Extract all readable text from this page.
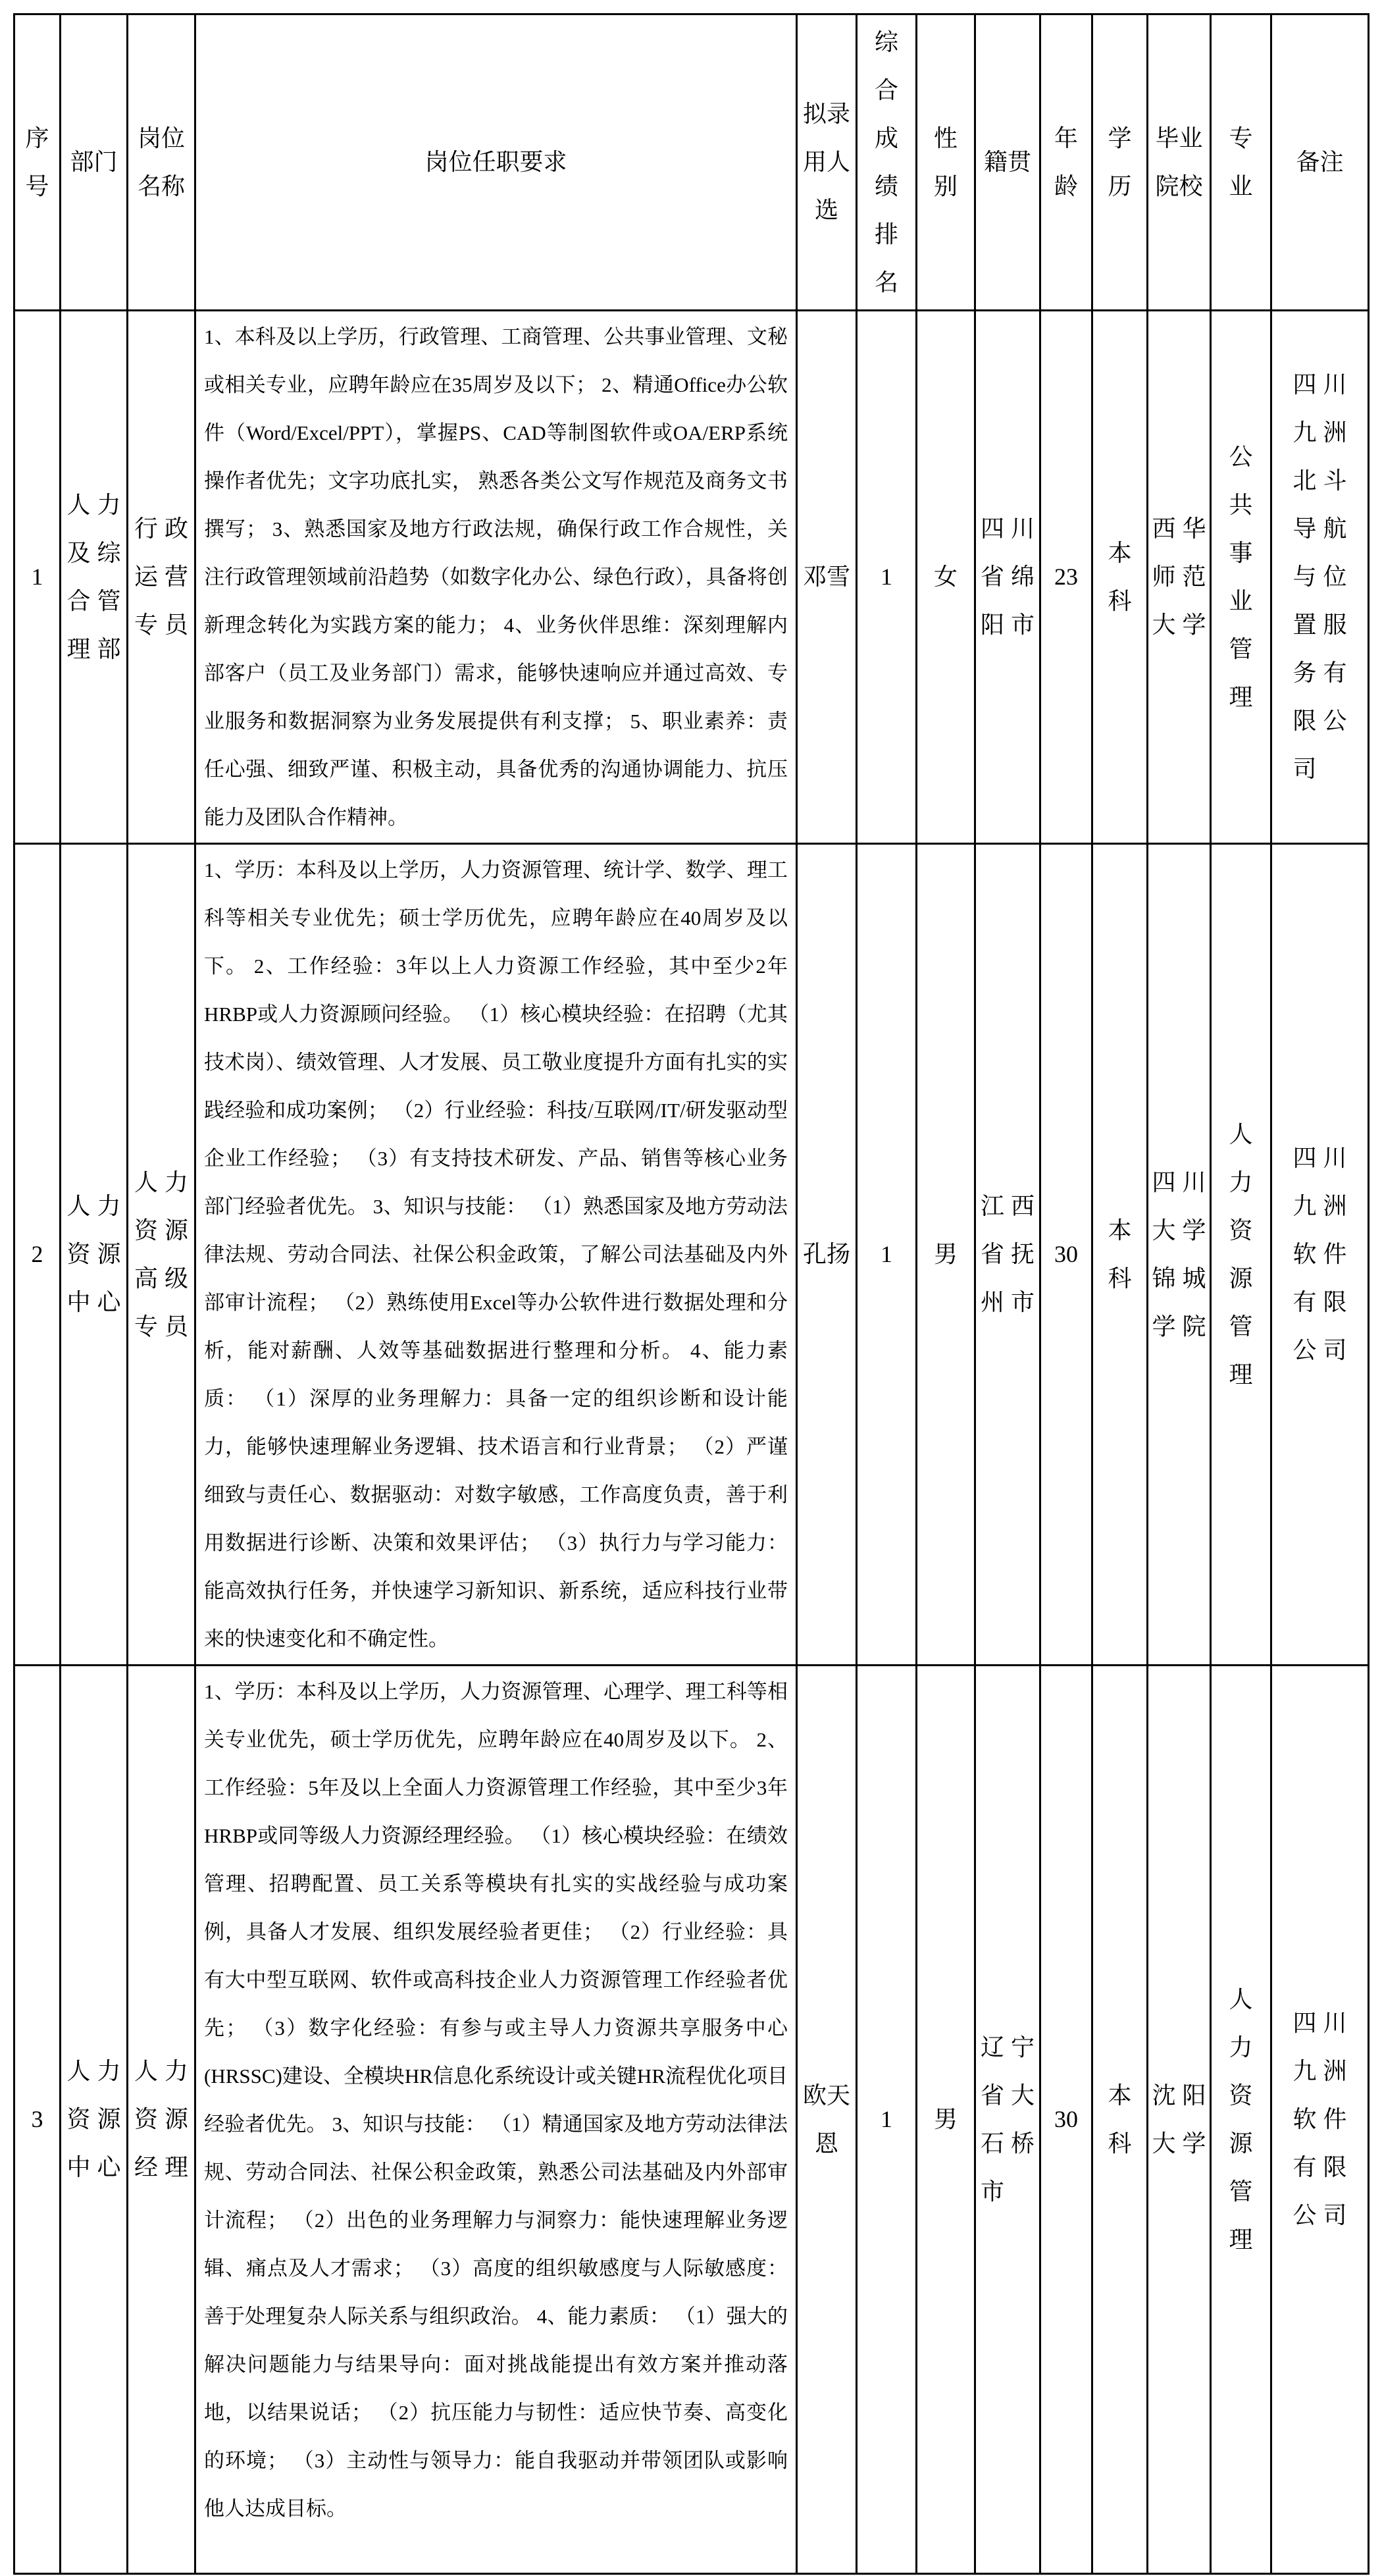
序号	部门	岗位名称	岗位任职要求	拟录用人选	综合成绩排名	性别	籍贯	年龄	学历	毕业院校	专业	备注

1	人力及综合管理部	行政运营专员	1、本科及以上学历，行政管理、工商管理、公共事业管理、文秘或相关专业，应聘年龄应在35周岁及以下； 2、精通Office办公软件（Word/Excel/PPT），掌握PS、CAD等制图软件或OA/ERP系统操作者优先；文字功底扎实， 熟悉各类公文写作规范及商务文书撰写； 3、熟悉国家及地方行政法规，确保行政工作合规性，关注行政管理领域前沿趋势（如数字化办公、绿色行政），具备将创新理念转化为实践方案的能力； 4、业务伙伴思维：深刻理解内部客户（员工及业务部门）需求，能够快速响应并通过高效、专业服务和数据洞察为业务发展提供有利支撑； 5、职业素养：责任心强、细致严谨、积极主动，具备优秀的沟通协调能力、抗压能力及团队合作精神。	邓雪	1	女	四川省绵阳市	23	本科	西华师范大学	公共事业管理	四川九洲北斗导航与位置服务有限公司

2	人力资源中心	人力资源高级专员	1、学历：本科及以上学历，人力资源管理、统计学、数学、理工科等相关专业优先；硕士学历优先，应聘年龄应在40周岁及以下。 2、工作经验：3年以上人力资源工作经验，其中至少2年HRBP或人力资源顾问经验。 （1）核心模块经验：在招聘（尤其技术岗）、绩效管理、人才发展、员工敬业度提升方面有扎实的实践经验和成功案例； （2）行业经验：科技/互联网/IT/研发驱动型企业工作经验； （3）有支持技术研发、产品、销售等核心业务部门经验者优先。 3、知识与技能： （1）熟悉国家及地方劳动法律法规、劳动合同法、社保公积金政策，了解公司法基础及内外部审计流程； （2）熟练使用Excel等办公软件进行数据处理和分析，能对薪酬、人效等基础数据进行整理和分析。 4、能力素质： （1）深厚的业务理解力：具备一定的组织诊断和设计能力，能够快速理解业务逻辑、技术语言和行业背景； （2）严谨细致与责任心、数据驱动：对数字敏感，工作高度负责，善于利用数据进行诊断、决策和效果评估； （3）执行力与学习能力：能高效执行任务，并快速学习新知识、新系统，适应科技行业带来的快速变化和不确定性。	孔扬	1	男	江西省抚州市	30	本科	四川大学锦城学院	人力资源管理	四川九洲软件有限公司

3	人力资源中心	人力资源经理	1、学历：本科及以上学历，人力资源管理、心理学、理工科等相关专业优先，硕士学历优先，应聘年龄应在40周岁及以下。 2、工作经验：5年及以上全面人力资源管理工作经验，其中至少3年HRBP或同等级人力资源经理经验。 （1）核心模块经验：在绩效管理、招聘配置、员工关系等模块有扎实的实战经验与成功案例，具备人才发展、组织发展经验者更佳； （2）行业经验：具有大中型互联网、软件或高科技企业人力资源管理工作经验者优先； （3）数字化经验：有参与或主导人力资源共享服务中心(HRSSC)建设、全模块HR信息化系统设计或关键HR流程优化项目经验者优先。 3、知识与技能： （1）精通国家及地方劳动法律法规、劳动合同法、社保公积金政策，熟悉公司法基础及内外部审计流程； （2）出色的业务理解力与洞察力：能快速理解业务逻辑、痛点及人才需求； （3）高度的组织敏感度与人际敏感度：善于处理复杂人际关系与组织政治。 4、能力素质： （1）强大的解决问题能力与结果导向：面对挑战能提出有效方案并推动落地，以结果说话； （2）抗压能力与韧性：适应快节奏、高变化的环境； （3）主动性与领导力：能自我驱动并带领团队或影响他人达成目标。	欧天恩	1	男	辽宁省大石桥市	30	本科	沈阳大学	人力资源管理	四川九洲软件有限公司
